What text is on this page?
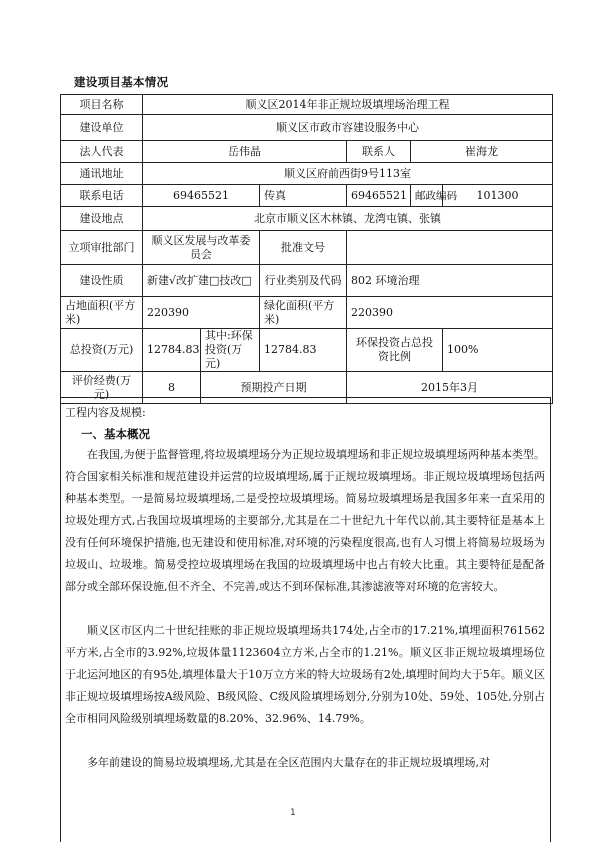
建设项目基本情况
项目名称	顺义区2014年非正规垃圾填埋场治理工程					
建设单位	顺义区市政市容建设服务中心					
法人代表	岳伟晶			联系人	崔海龙	
通讯地址	顺义区府前西街9号113室					
联系电话	69465521		传真	69465521	邮政编码	101300
建设地点	北京市顺义区木林镇、龙湾屯镇、张镇					
立项审批部门	顺义区发展与改革委员会		批准文号			
建设性质	新建√改扩建□技改□		行业类别及代码	802 环境治理		
占地面积(平方米)	220390		绿化面积(平方米)	220390		
总投资(万元)	12784.83	其中:环保投资(万元)	12784.83	环保投资占总投资比例		100%
评价经费(万元)	8	预期投产日期		2015年3月		
工程内容及规模:
一、基本概况
在我国,为便于监督管理,将垃圾填埋场分为正规垃圾填埋场和非正规垃圾填埋场两种基本类型。符合国家相关标准和规范建设并运营的垃圾填埋场,属于正规垃圾填埋场。非正规垃圾填埋场包括两种基本类型。一是简易垃圾填埋场,二是受控垃圾填埋场。简易垃圾填埋场是我国多年来一直采用的垃圾处理方式,占我国垃圾填埋场的主要部分,尤其是在二十世纪九十年代以前,其主要特征是基本上没有任何环境保护措施,也无建设和使用标准,对环境的污染程度很高,也有人习惯上将简易垃圾场为垃圾山、垃圾堆。简易受控垃圾填埋场在我国的垃圾填埋场中也占有较大比重。其主要特征是配备部分或全部环保设施,但不齐全、不完善,或达不到环保标准,其渗滤液等对环境的危害较大。
顺义区市区内二十世纪挂账的非正规垃圾填埋场共174处,占全市的17.21%,填埋面积761562平方米,占全市的3.92%,垃圾体量1123604立方米,占全市的1.21%。顺义区非正规垃圾填埋场位于北运河地区的有95处,填埋体量大于10万立方米的特大垃圾场有2处,填埋时间均大于5年。顺义区非正规垃圾填埋场按A级风险、B级风险、C级风险填埋场划分,分别为10处、59处、105处,分别占全市相同风险级别填埋场数量的8.20%、32.96%、14.79%。
多年前建设的简易垃圾填埋场,尤其是在全区范围内大量存在的非正规垃圾填埋场,对
1
